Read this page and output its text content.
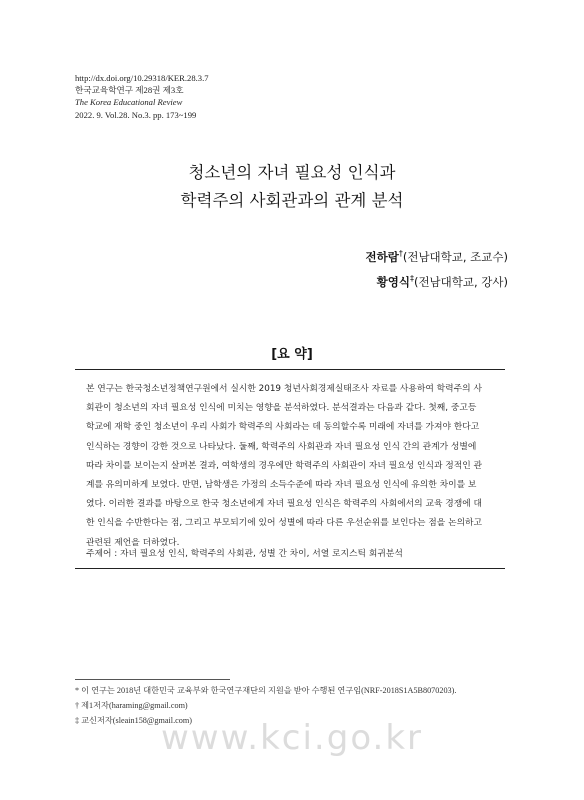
http://dx.doi.org/10.29318/KER.28.3.7
한국교육학연구 제28권 제3호
The Korea Educational Review
2022. 9. Vol.28. No.3. pp. 173~199
청소년의 자녀 필요성 인식과
학력주의 사회관과의 관계 분석
전하람†(전남대학교, 조교수)
황영식‡(전남대학교, 강사)
[요 약]
본 연구는 한국청소년정책연구원에서 실시한 2019 청년사회경제실태조사 자료를 사용하여 학력주의 사
회관이 청소년의 자녀 필요성 인식에 미치는 영향을 분석하였다. 분석결과는 다음과 같다. 첫째, 중고등
학교에 재학 중인 청소년이 우리 사회가 학력주의 사회라는 데 동의할수록 미래에 자녀를 가져야 한다고
인식하는 경향이 강한 것으로 나타났다. 둘째, 학력주의 사회관과 자녀 필요성 인식 간의 관계가 성별에
따라 차이를 보이는지 살펴본 결과, 여학생의 경우에만 학력주의 사회관이 자녀 필요성 인식과 정적인 관
계를 유의미하게 보였다. 반면, 남학생은 가정의 소득수준에 따라 자녀 필요성 인식에 유의한 차이를 보
였다. 이러한 결과를 바탕으로 한국 청소년에게 자녀 필요성 인식은 학력주의 사회에서의 교육 경쟁에 대
한 인식을 수반한다는 점, 그리고 부모되기에 있어 성별에 따라 다른 우선순위를 보인다는 점을 논의하고
관련된 제언을 더하였다.
주제어 : 자녀 필요성 인식, 학력주의 사회관, 성별 간 차이, 서열 로지스틱 회귀분석
* 이 연구는 2018년 대한민국 교육부와 한국연구재단의 지원을 받아 수행된 연구임(NRF-2018S1A5B8070203).
† 제1저자(haraming@gmail.com)
‡ 교신저자(sleain158@gmail.com)
www.kci.go.kr
